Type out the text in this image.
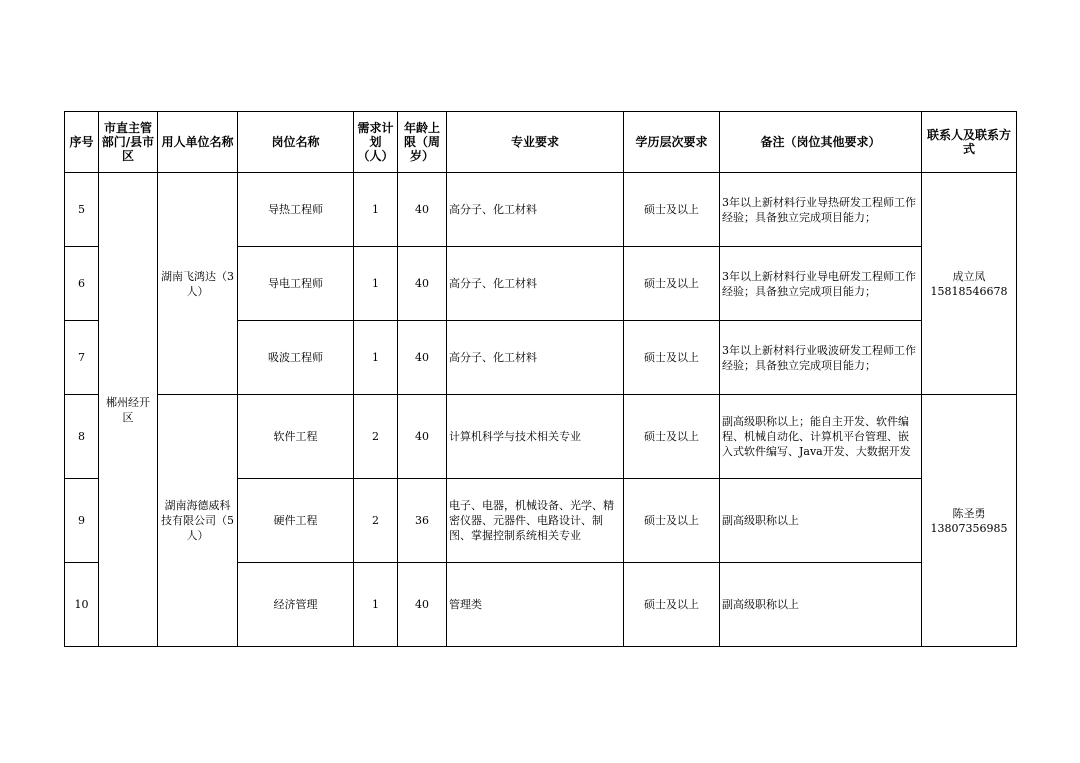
序号	市直主管部门/县市区	用人单位名称	岗位名称	需求计划（人）	年龄上限（周岁）	专业要求	学历层次要求	备注（岗位其他要求）	联系人及联系方式
5	郴州经开区	湖南飞鸿达（3人）	导热工程师	1	40	高分子、化工材料	硕士及以上	3年以上新材料行业导热研发工程师工作经验；具备独立完成项目能力；	成立凤
15818546678

6			导电工程师	1	40	高分子、化工材料	硕士及以上	3年以上新材料行业导电研发工程师工作经验；具备独立完成项目能力；	
7			吸波工程师	1	40	高分子、化工材料	硕士及以上	3年以上新材料行业吸波研发工程师工作经验；具备独立完成项目能力；	
8		湖南海德威科技有限公司（5人）	软件工程	2	40	计算机科学与技术相关专业	硕士及以上	副高级职称以上；能自主开发、软件编程、机械自动化、计算机平台管理、嵌入式软件编写、Java开发、大数据开发	陈圣勇
13807356985

9			硬件工程	2	36	电子、电器，机械设备、光学、精密仪器、元器件、电路设计、制图、掌握控制系统相关专业	硕士及以上	副高级职称以上	
10			经济管理	1	40	管理类	硕士及以上	副高级职称以上	
